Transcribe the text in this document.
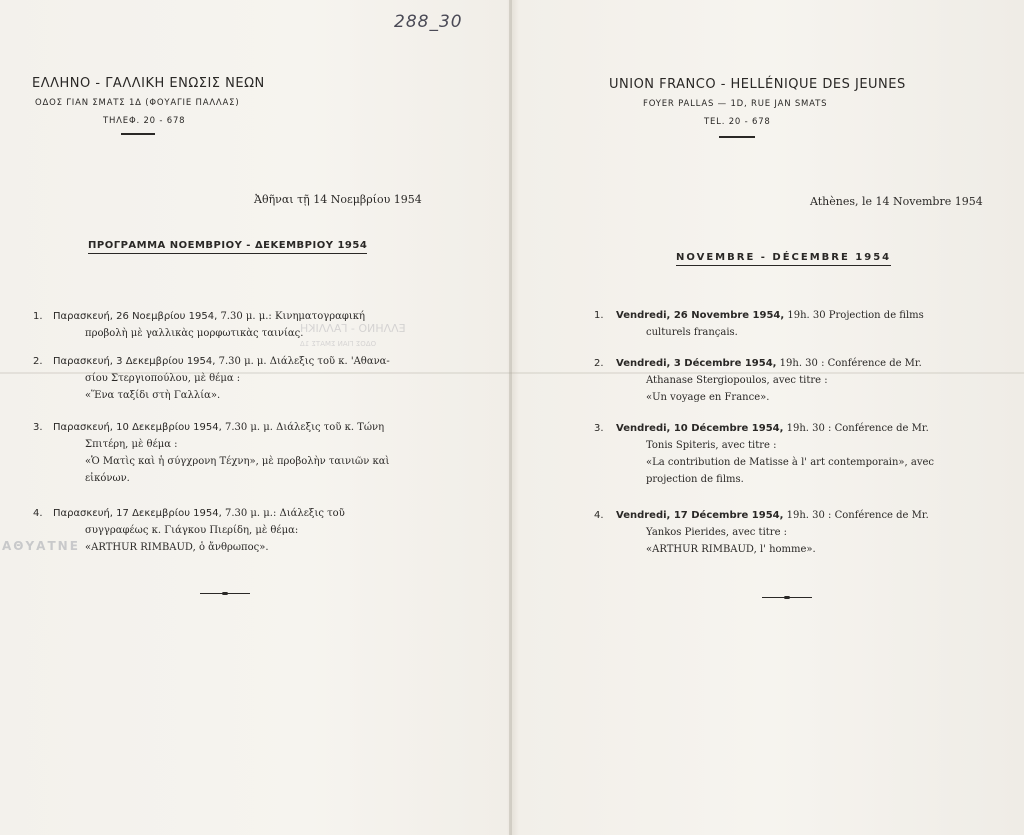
288_30
ΕΛΛΗΝΟ - ΓΑΛΛΙΚΗ
ΟΔΟΣ ΓΙΑΝ ΣΜΑΤΣ 1Δ
ΕΛΛΗΝΟ - ΓΑΛΛΙΚΗ ΕΝΩΣΙΣ ΝΕΩΝ
ΟΔΟΣ ΓΙΑΝ ΣΜΑΤΣ 1Δ (ΦΟΥΑΓΙΕ ΠΑΛΛΑΣ)
ΤΗΛΕΦ. 20 - 678
Ἀθῆναι τῇ 14 Νοεμβρίου 1954
ΠΡΟΓΡΑΜΜΑ ΝΟΕΜΒΡΙΟΥ - ΔΕΚΕΜΒΡΙΟΥ 1954
1. Παρασκευή, 26 Νοεμβρίου 1954, 7.30 μ. μ.: Κινηματογραφική
προβολὴ μὲ γαλλικὰς μορφωτικὰς ταινίας.
2. Παρασκευή, 3 Δεκεμβρίου 1954, 7.30 μ. μ. Διάλεξις τοῦ κ. 'Αθανα-
σίου Στεργιοπούλου, μὲ θέμα :
«Ἕνα ταξίδι στὴ Γαλλία».
3. Παρασκευή, 10 Δεκεμβρίου 1954, 7.30 μ. μ. Διάλεξις τοῦ κ. Τώνη
Σπιτέρη, μὲ θέμα :
«Ὁ Ματὶς καὶ ἡ σύγχρονη Τέχνη», μὲ προβολὴν ταινιῶν καὶ
εἰκόνων.
4. Παρασκευή, 17 Δεκεμβρίου 1954, 7.30 μ. μ.: Διάλεξις τοῦ
συγγραφέως κ. Γιάγκου Πιερίδη, μὲ θέμα:
«ARTHUR RIMBAUD, ὁ ἄνθρωπος».
ΑΘΥΑΤΝΕ
UNION FRANCO - HELLÉNIQUE DES JEUNES
FOYER PALLAS — 1D, RUE JAN SMATS
TEL. 20 - 678
Athènes, le 14 Novembre 1954
NOVEMBRE - DÉCEMBRE 1954
1. Vendredi, 26 Novembre 1954, 19h. 30 Projection de films
culturels français.
2. Vendredi, 3 Décembre 1954, 19h. 30 : Conférence de Mr.
Athanase Stergiopoulos, avec titre :
«Un voyage en France».
3. Vendredi, 10 Décembre 1954, 19h. 30 : Conférence de Mr.
Tonis Spiteris, avec titre :
«La contribution de Matisse à l' art contemporain», avec
projection de films.
4. Vendredi, 17 Décembre 1954, 19h. 30 : Conférence de Mr.
Yankos Pierides, avec titre :
«ARTHUR RIMBAUD, l' homme».
